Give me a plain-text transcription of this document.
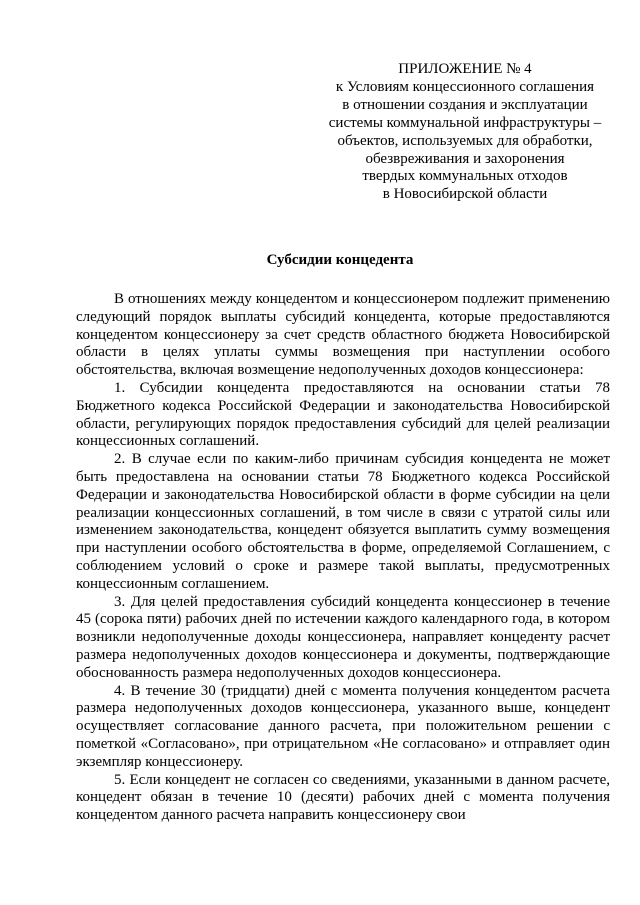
ПРИЛОЖЕНИЕ № 4
к Условиям концессионного соглашения
в отношении создания и эксплуатации
системы коммунальной инфраструктуры –
объектов, используемых для обработки,
обезвреживания и захоронения
твердых коммунальных отходов
в Новосибирской области
Субсидии концедента

В отношениях между концедентом и концессионером подлежит применению следующий порядок выплаты субсидий концедента, которые предоставляются концедентом концессионеру за счет средств областного бюджета Новосибирской области в целях уплаты суммы возмещения при наступлении особого обстоятельства, включая возмещение недополученных доходов концессионера:

1. Субсидии концедента предоставляются на основании статьи 78 Бюджетного кодекса Российской Федерации и законодательства Новосибирской области, регулирующих порядок предоставления субсидий для целей реализации концессионных соглашений.

2. В случае если по каким-либо причинам субсидия концедента не может быть предоставлена на основании статьи 78 Бюджетного кодекса Российской Федерации и законодательства Новосибирской области в форме субсидии на цели реализации концессионных соглашений, в том числе в связи с утратой силы или изменением законодательства, концедент обязуется выплатить сумму возмещения при наступлении особого обстоятельства в форме, определяемой Соглашением, с соблюдением условий о сроке и размере такой выплаты, предусмотренных концессионным соглашением.

3. Для целей предоставления субсидий концедента концессионер в течение 45 (сорока пяти) рабочих дней по истечении каждого календарного года, в котором возникли недополученные доходы концессионера, направляет концеденту расчет размера недополученных доходов концессионера и документы, подтверждающие обоснованность размера недополученных доходов концессионера.

4. В течение 30 (тридцати) дней с момента получения концедентом расчета размера недополученных доходов концессионера, указанного выше, концедент осуществляет согласование данного расчета, при положительном решении с пометкой «Согласовано», при отрицательном «Не согласовано» и отправляет один экземпляр концессионеру.

5. Если концедент не согласен со сведениями, указанными в данном расчете, концедент обязан в течение 10 (десяти) рабочих дней с момента получения концедентом данного расчета направить концессионеру свои
